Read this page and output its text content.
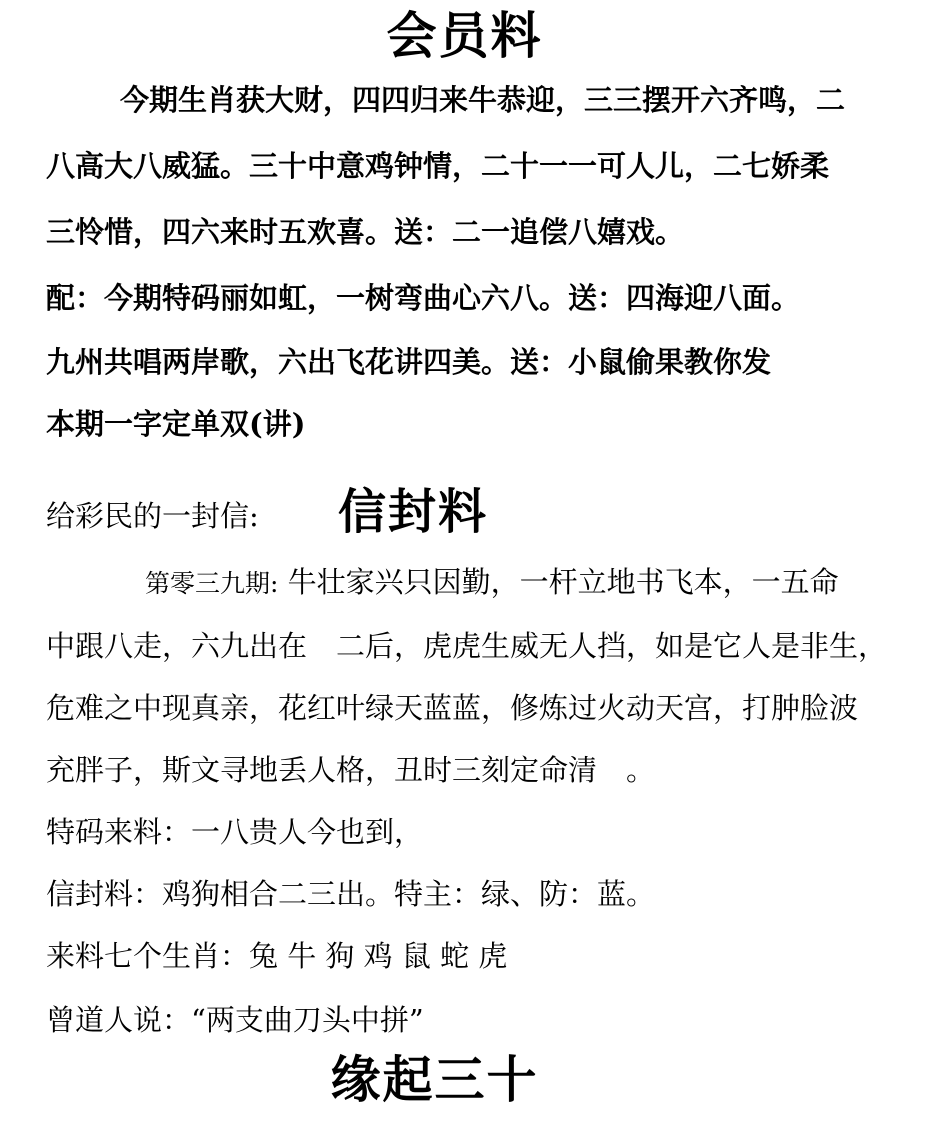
会员料
今期生肖获大财，四四归来牛恭迎，三三摆开六齐鸣，二
八高大八威猛。三十中意鸡钟情，二十一一可人儿，二七娇柔
三怜惜，四六来时五欢喜。送：二一追偿八嬉戏。
配：今期特码丽如虹，一树弯曲心六八。送：四海迎八面。
九州共唱两岸歌，六出飞花讲四美。送：小鼠偷果教你发
本期一字定单双(讲)
给彩民的一封信: 信封料
第零三九期: 牛壮家兴只因勤，一杆立地书飞本，一五命
中跟八走，六九出在　二后，虎虎生威无人挡，如是它人是非生，
危难之中现真亲，花红叶绿天蓝蓝，修炼过火动天宫，打肿脸波
充胖子，斯文寻地丢人格，丑时三刻定命清　。
特码来料：一八贵人今也到，
信封料：鸡狗相合二三出。特主：绿、防：蓝。
来料七个生肖：兔 牛 狗 鸡 鼠 蛇 虎
曾道人说：“两支曲刀头中拼”
缘起三十
